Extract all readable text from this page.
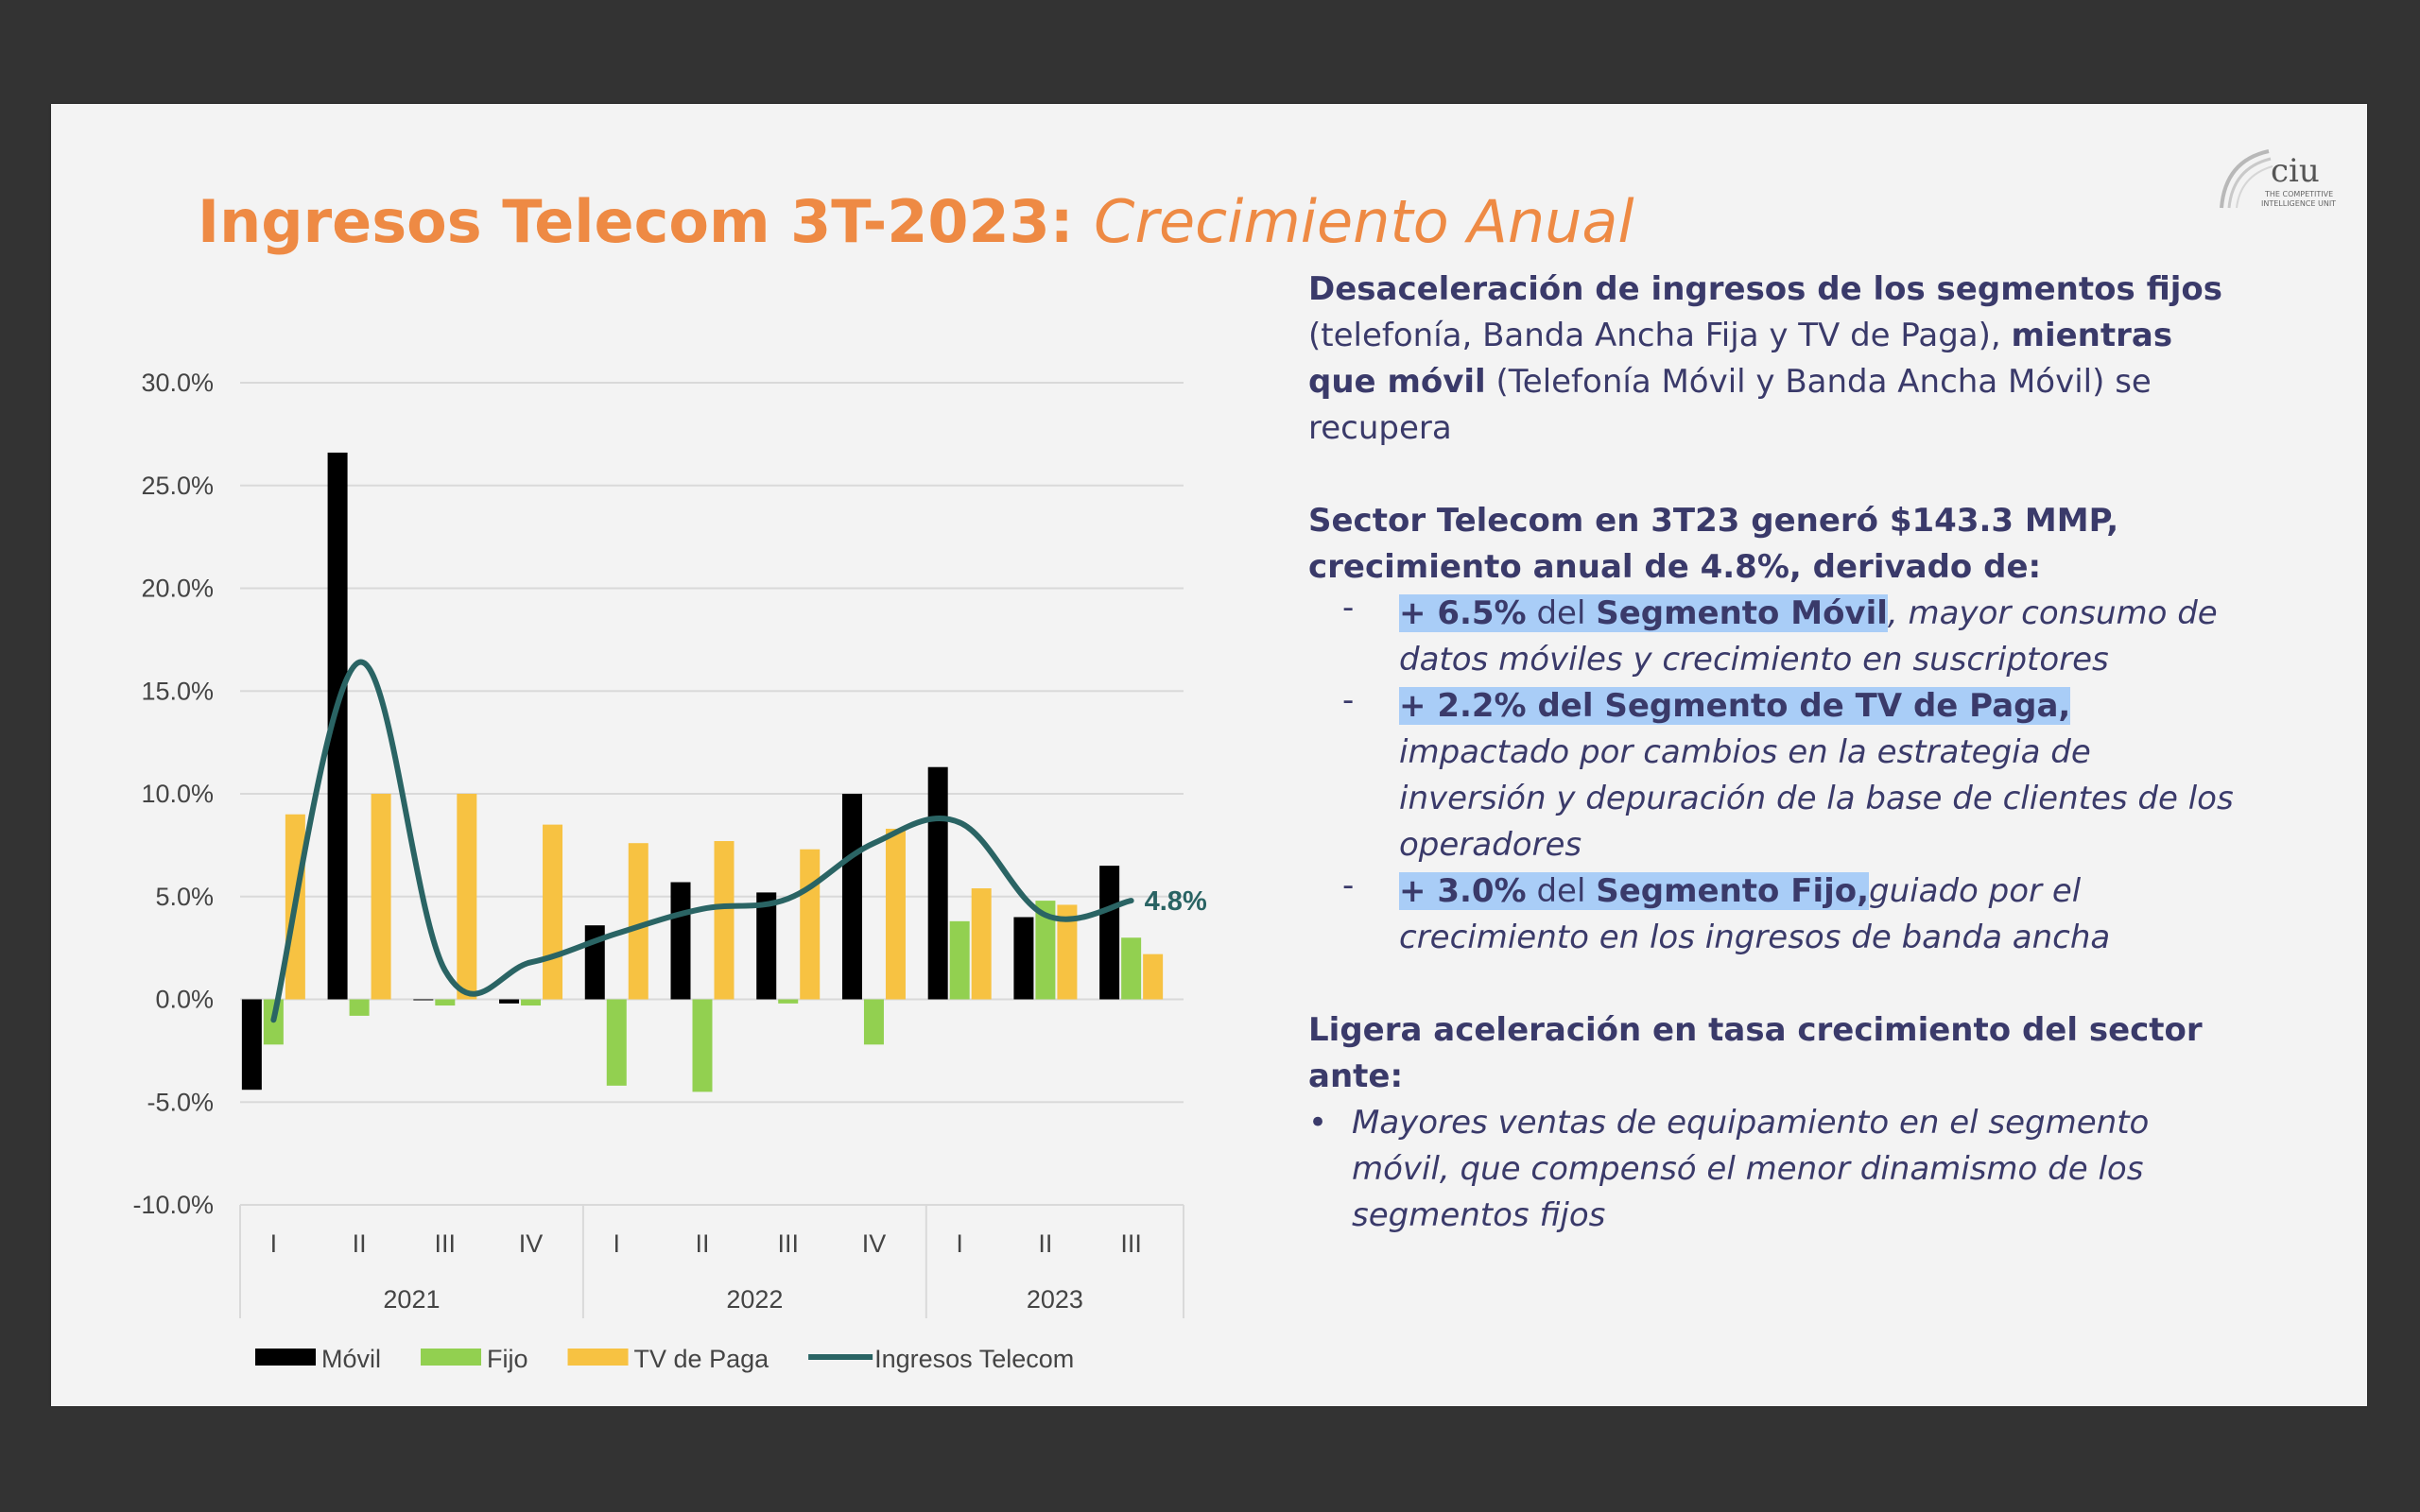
Ingresos Telecom 3T-2023: Crecimiento Anual
ciu
THE COMPETITIVE
INTELLIGENCE UNIT
30.0%
25.0%
20.0%
15.0%
10.0%
5.0%
0.0%
-5.0%
-10.0%
4.8%
I	II	III IV	I	II	III IV	I	II	III
2021	2022	2023
Móvil	Fijo	TV de Paga	Ingresos Telecom

Desaceleración de ingresos de los segmentos fijos
(telefonía, Banda Ancha Fija y TV de Paga), mientras que móvil (Telefonía Móvil y Banda Ancha Móvil) se recupera

Sector Telecom en 3T23 generó $143.3 MMP, crecimiento anual de 4.8%, derivado de:

- + 6.5% del Segmento Móvil, mayor consumo de datos móviles y crecimiento en suscriptores

- + 2.2% del Segmento de TV de Paga,
impactado por cambios en la estrategia de inversión y depuración de la base de clientes de los operadores

- + 3.0% del Segmento Fijo,guiado por el crecimiento en los ingresos de banda ancha

Ligera aceleración en tasa crecimiento del sector ante:

• Mayores ventas de equipamiento en el segmento móvil, que compensó el menor dinamismo de los segmentos fijos
